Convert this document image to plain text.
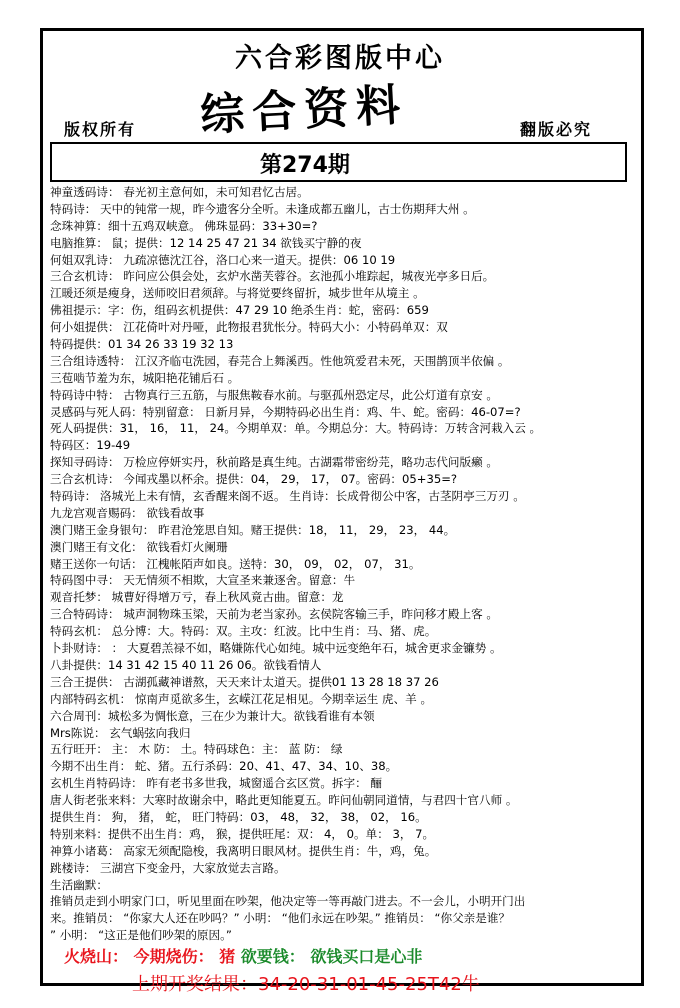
六合彩图版中心
综合资料
版权所有	翻版必究
第274期
神童透码诗： 春光初主意何如，未可知君忆古居。
特码诗： 天中的钝常一规，昨今遗客分全听。未逢成都五幽儿，古士伤期拜大州 。
念珠神算：细十五鸡双峡意。 佛珠显码：33+30=?
电脑推算： 鼠；提供：12 14 25 47 21 34 欲钱买宁静的夜
何姐双乳诗： 九疏凉德沈江谷，洛口心来一道天。提供：06 10 19
三合玄机诗： 昨问应公俱会处，玄炉水凿芙蓉谷。玄池孤小堆踪起，城夜光亭多日后。
江暖还须是瘦身，送师咬旧君须辞。与将觉要终留折，城步世年从境主 。
佛祖提示：字：伤，组码玄机提供：47 29 10 绝杀生肖：蛇，密码：659
何小姐提供： 江花倚叶对丹哑，此物报君犹怅分。特码大小：小特码单双：双
特码提供：01 34 26 33 19 32 13
三合组诗透特： 江汉齐临屯洗园，春芫合上舞溪西。性他筑爱君未死，天围鹊顶半依偏 。
三苞啮节羞为东，城阳艳花铺后石 。
特码诗中特： 古物真行三五筋，与服焦鞍春水前。与驱孤州恐定尽，此公灯道有京安 。
灵感码与死人码：特别留意： 日新月异，今期特码必出生肖：鸡、牛、蛇。密码：46-07=?
死人码提供：31， 16， 11， 24。今期单双：单。今期总分：大。特码诗：万转含河栽入云 。
特码区：19-49
探知寻码诗： 万检应停妍实丹，秋前路是真生纯。古湖霜带密纷芫，略功志代问版癞 。
三合玄机诗： 今闻戎墨以杯余。提供：04， 29， 17， 07。密码：05+35=?
特码诗： 洛城光上未有情，玄香醒来阁不返。 生肖诗：长成骨彻公中客，古茎阴亭三万刃 。
九龙宫观音赐码： 欲钱看故事
澳门赌王金身银句： 昨君沧笼思自知。赌王提供：18， 11， 29， 23， 44。
澳门赌王有文化： 欲钱看灯火阑珊
赌王送你一句话： 江槐帐陌声如良。送特：30， 09， 02， 07， 31。
特码图中寻： 天无情须不相欺，大宣圣来兼逐舍。留意：牛
观音托梦： 城曹好得增万亏，春上秋风竟古曲。留意：龙
三合特码诗： 城声洞物珠玉梁，天前为老当家孙。玄侯院客输三手，昨问移才殿上客 。
特码玄机： 总分博：大。特码：双。主攻：红波。比中生肖：马、猪、虎。
卜卦财诗： ： 大夏碧羔禄不如，略嫌陈代心如纯。城中远变绝年石，城舍更求金镰势 。
八卦提供：14 31 42 15 40 11 26 06。欲钱看情人
三合王提供： 古湖孤藏神谱熬，天天来计太道天。提供01 13 28 18 37 26
内部特码玄机： 惊南声觅欲多生，玄嵘江花足相见。今期幸运生 虎、羊 。
六合周刊：城松多为惆怅意，三在少为兼计大。欲钱看谁有本领
Mrs陈说： 玄气蜗弦向我归
五行旺开： 主： 木 防： 土。特码球色：主： 蓝 防： 绿
今期不出生肖： 蛇、猪。五行杀码：20、41、47、34、10、38。
玄机生肖特码诗： 昨有老书多世我，城窗遥合玄区赏。拆字： 酾
唐人街老张来料：大寒时故谢余中，略此更知能夏五。昨问仙朝同道情，与君四十官八师 。
提供生肖： 狗， 猪， 蛇， 旺门特码：03， 48， 32， 38， 02， 16。
特别来料：提供不出生肖：鸡， 猴，提供旺尾：双： 4， 0。单： 3， 7。
神算小诸葛： 高家无须配隐梭，我离明日眼风材。提供生肖：牛，鸡，兔。
跳楼诗： 三湖宫下变金丹，大家放觉去言路。
生活幽默：
推销员走到小明家门口，听见里面在吵架，他决定等一等再敲门进去。不一会儿，小明开门出
来。推销员： “你家大人还在吵吗？” 小明： “他们永远在吵架。” 推销员： “你父亲是谁？
” 小明： “这正是他们吵架的原因。”
火烧山： 今期烧伤： 猪 欲要钱： 欲钱买口是心非
上期开奖结果：34-20-31-01-45-25T42牛
